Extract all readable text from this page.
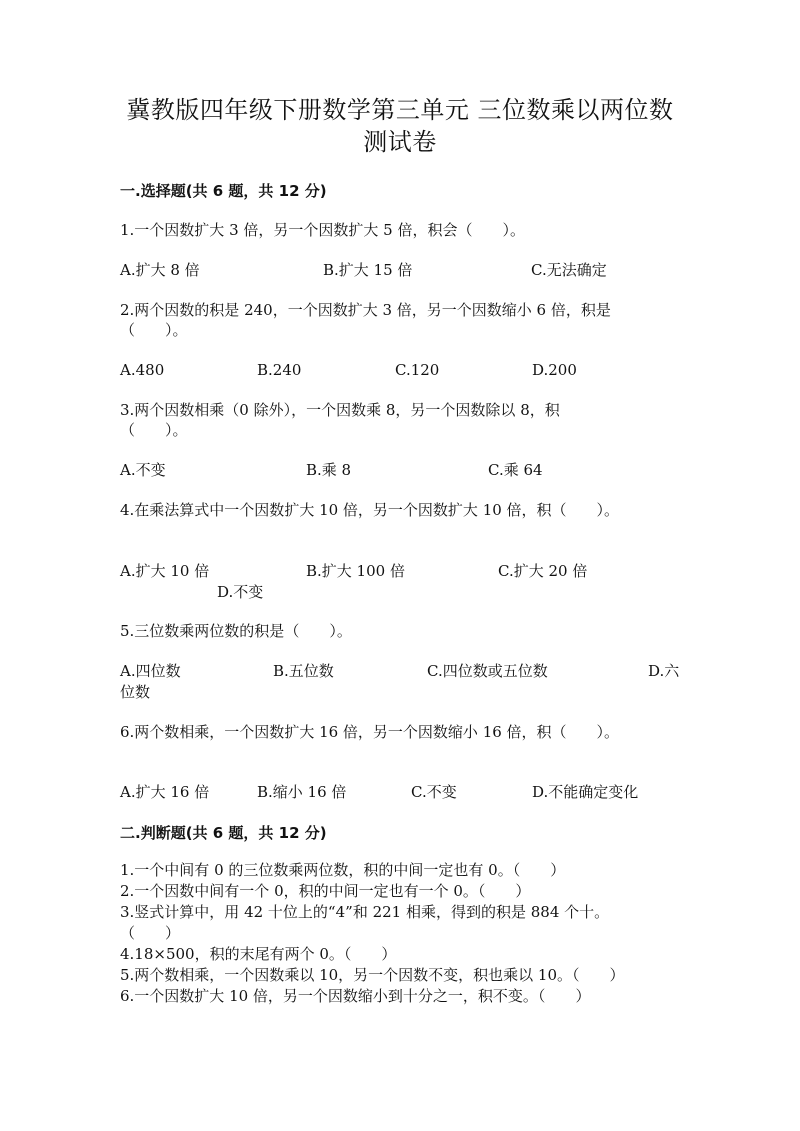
冀教版四年级下册数学第三单元 三位数乘以两位数
测试卷
一.选择题(共 6 题，共 12 分)
1.一个因数扩大 3 倍，另一个因数扩大 5 倍，积会（　　）。
A.扩大 8 倍	B.扩大 15 倍	C.无法确定
2.两个因数的积是 240，一个因数扩大 3 倍，另一个因数缩小 6 倍，积是
（　　）。
A.480	B.240	C.120	D.200
3.两个因数相乘（0 除外），一个因数乘 8，另一个因数除以 8，积
（　　）。
A.不变	B.乘 8	C.乘 64
4.在乘法算式中一个因数扩大 10 倍，另一个因数扩大 10 倍，积（　　）。
A.扩大 10 倍	B.扩大 100 倍	C.扩大 20 倍
D.不变
5.三位数乘两位数的积是（　　）。
A.四位数	B.五位数	C.四位数或五位数	D.六
位数
6.两个数相乘，一个因数扩大 16 倍，另一个因数缩小 16 倍，积（　　）。
A.扩大 16 倍	B.缩小 16 倍	C.不变	D.不能确定变化
二.判断题(共 6 题，共 12 分)
1.一个中间有 0 的三位数乘两位数，积的中间一定也有 0。（　　）
2.一个因数中间有一个 0，积的中间一定也有一个 0。（　　）
3.竖式计算中，用 42 十位上的“4”和 221 相乘，得到的积是 884 个十。
（　　）
4.18×500，积的末尾有两个 0。（　　）
5.两个数相乘，一个因数乘以 10，另一个因数不变，积也乘以 10。（　　）
6.一个因数扩大 10 倍，另一个因数缩小到十分之一，积不变。（　　）
